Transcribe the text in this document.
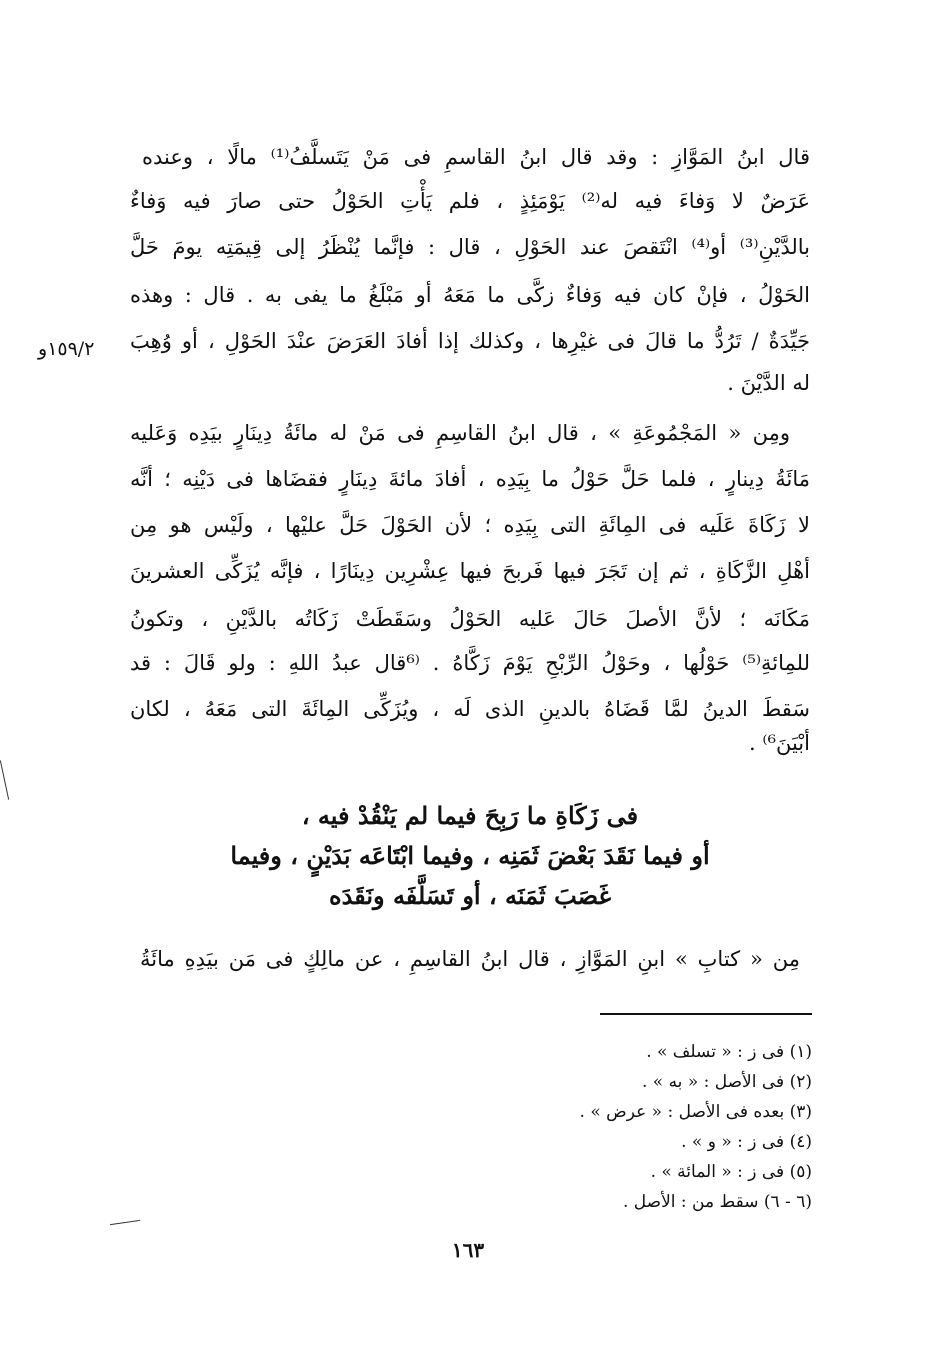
قال ابنُ المَوَّازِ : وقد قال ابنُ القاسمِ فى مَنْ يَتَسلَّفُ⁽¹⁾ مالًا ، وعنده
عَرَضٌ لا وَفاءَ فيه له⁽²⁾ يَوْمَئِذٍ ، فلم يَأْتِ الحَوْلُ حتى صارَ فيه وَفاءٌ
بالدَّيْنِ⁽³⁾ أو⁽⁴⁾ انْتَقصَ عند الحَوْلِ ، قال : فإنَّما يُنْظَرُ إلى قِيمَتِه يومَ حَلَّ
الحَوْلُ ، فإنْ كان فيه وَفاءٌ زكَّى ما مَعَهُ أو مَبْلَغُ ما يفى به . قال : وهذه
جَيِّدَةٌ / تَرُدُّ ما قالَ فى غيْرِها ، وكذلك إذا أفادَ العَرَضَ عنْدَ الحَوْلِ ، أو وُهِبَ
له الدَّيْنَ .
١٥٩/٢و
ومِن « المَجْمُوعَةِ » ، قال ابنُ القاسِمِ فى مَنْ له مائَةُ دِينَارٍ بيَدِه وَعَليه
مَائَةُ دِينارٍ ، فلما حَلَّ حَوْلُ ما بِيَدِه ، أفادَ مائةَ دِينَارٍ فقضَاها فى دَيْنِه ؛ أنَّه
لا زَكَاةَ عَلَيه فى المِائَةِ التى بِيَدِه ؛ لأن الحَوْلَ حَلَّ عليْها ، ولَيْس هو مِن
أهْلِ الزَّكَاةِ ، ثم إن تَجَرَ فيها فَربحَ فيها عِشْرِين دِينَارًا ، فإنَّه يُزَكِّى العشرينَ
مَكَانَه ؛ لأنَّ الأصلَ حَالَ عَليه الحَوْلُ وسَقَطَتْ زَكَاتُه بالدَّيْنِ ، وتكونُ
للمِائةِ⁽⁵⁾ حَوْلُها ، وحَوْلُ الرِّبْحِ يَوْمَ زَكَّاهُ . ⁽⁶قال عبدُ اللهِ : ولو قَالَ : قد
سَقطَ الدينُ لمَّا قَضَاهُ بالدينِ الذى لَه ، ويُزَكِّى المِائَةَ التى مَعَهُ ، لكان
أبْيَنَ⁶⁾ .
فى زَكَاةِ ما رَبِحَ فيما لم يَنْقُدْ فيه ،
أو فيما نَقَدَ بَعْضَ ثَمَنِه ، وفيما ابْتَاعَه بَدَيْنٍ ، وفيما
غَصَبَ ثَمَنَه ، أو تَسَلَّفَه ونَقَدَه
مِن « كتابِ » ابنِ المَوَّازِ ، قال ابنُ القاسِمِ ، عن مالِكٍ فى مَن بيَدِهِ مائَةُ
(١) فى ز : « تسلف » .
(٢) فى الأصل : « به » .
(٣) بعده فى الأصل : « عرض » .
(٤) فى ز : « و » .
(٥) فى ز : « المائة » .
(٦ - ٦) سقط من : الأصل .
١٦٣
